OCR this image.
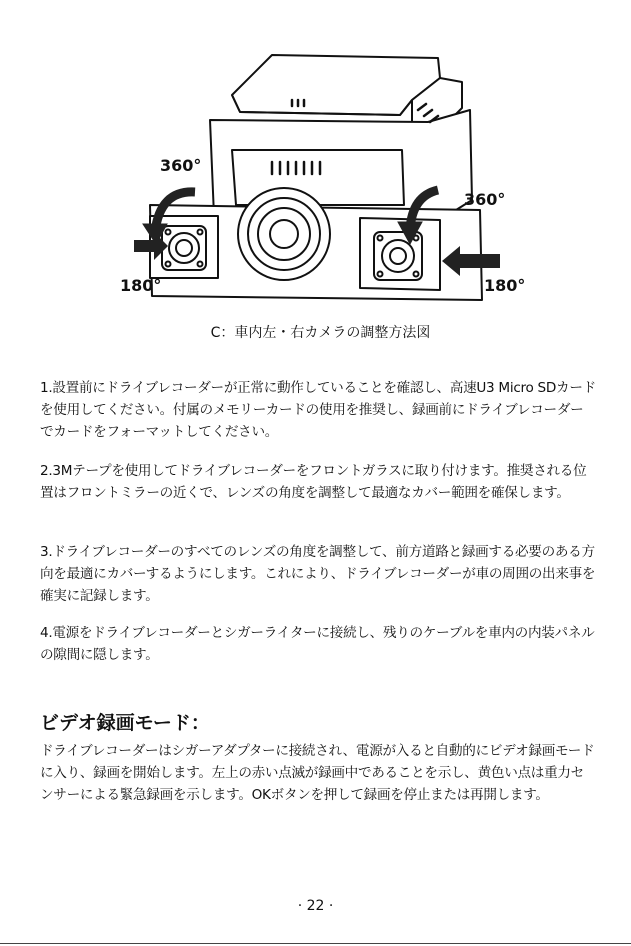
360°
360°
180°	180°
C：車内左・右カメラの調整方法図

1.設置前にドライブレコーダーが正常に動作していることを確認し、高速U3 Micro SDカードを使用してください。付属のメモリーカードの使用を推奨し、録画前にドライブレコーダーでカードをフォーマットしてください。

2.3Mテープを使用してドライブレコーダーをフロントガラスに取り付けます。推奨される位置はフロントミラーの近くで、レンズの角度を調整して最適なカバー範囲を確保します。

3.ドライブレコーダーのすべてのレンズの角度を調整して、前方道路と録画する必要のある方向を最適にカバーするようにします。これにより、ドライブレコーダーが車の周囲の出来事を確実に記録します。

4.電源をドライブレコーダーとシガーライターに接続し、残りのケーブルを車内の内装パネルの隙間に隠します。

ビデオ録画モード：

ドライブレコーダーはシガーアダプターに接続され、電源が入ると自動的にビデオ録画モードに入り、録画を開始します。左上の赤い点滅が録画中であることを示し、黄色い点は重力センサーによる緊急録画を示します。OKボタンを押して録画を停止または再開します。

· 22 ·
